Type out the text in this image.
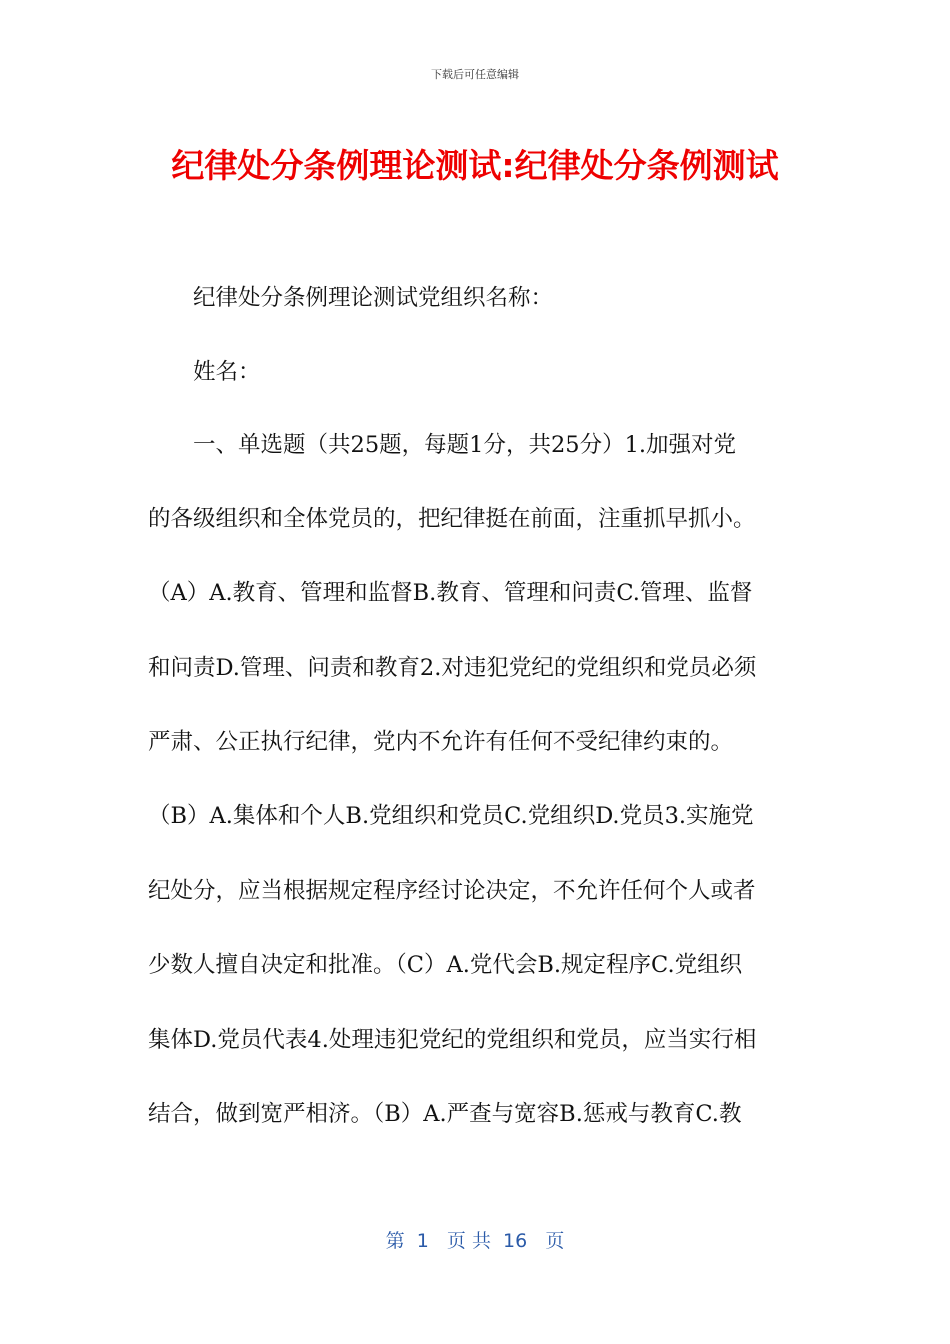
下载后可任意编辑
纪律处分条例理论测试:纪律处分条例测试
纪律处分条例理论测试党组织名称：
姓名：
一、单选题（共25题，每题1分，共25分）1.加强对党
的各级组织和全体党员的，把纪律挺在前面，注重抓早抓小。
（A）A.教育、管理和监督B.教育、管理和问责C.管理、监督
和问责D.管理、问责和教育2.对违犯党纪的党组织和党员必须
严肃、公正执行纪律，党内不允许有任何不受纪律约束的。
（B）A.集体和个人B.党组织和党员C.党组织D.党员3.实施党
纪处分，应当根据规定程序经讨论决定，不允许任何个人或者
少数人擅自决定和批准。（C）A.党代会B.规定程序C.党组织
集体D.党员代表4.处理违犯党纪的党组织和党员，应当实行相
结合，做到宽严相济。（B）A.严查与宽容B.惩戒与教育C.教
第  1   页 共  16   页
